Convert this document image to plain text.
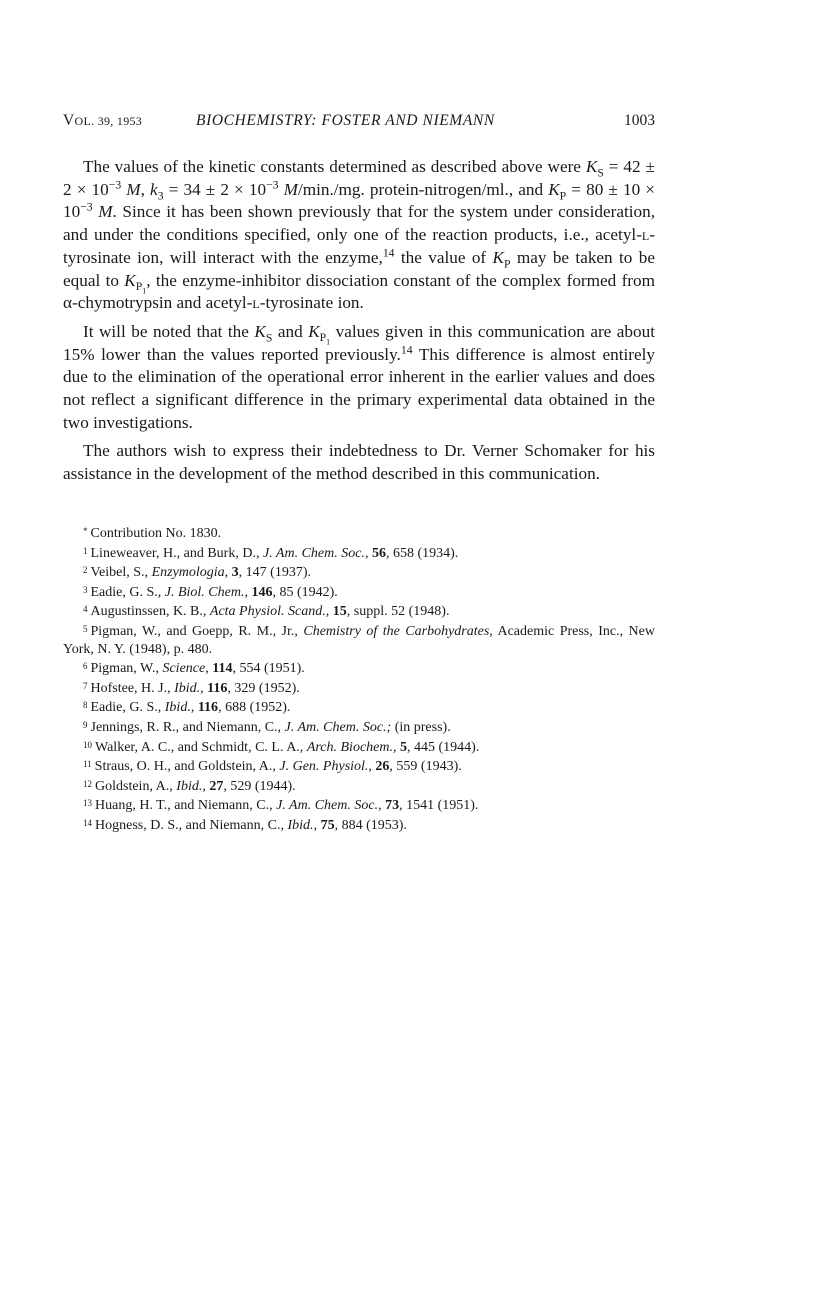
VOL. 39, 1953	BIOCHEMISTRY: FOSTER AND NIEMANN	1003

The values of the kinetic constants determined as described above were $K_S = 42 \pm 2 \times 10^{-3}$ M, $k_3 = 34 \pm 2 \times 10^{-3}$ M/min./mg. protein-nitrogen/ml., and $K_P = 80 \pm 10 \times 10^{-3}$ M. Since it has been shown previously that for the system under consideration, and under the conditions specified, only one of the reaction products, i.e., acetyl-l-tyrosinate ion, will interact with the enzyme,$^{14}$ the value of $K_P$ may be taken to be equal to $K_{P_1}$, the enzyme-inhibitor dissociation constant of the complex formed from α-chymotrypsin and acetyl-l-tyrosinate ion.

It will be noted that the $K_S$ and $K_{P_1}$ values given in this communication are about 15% lower than the values reported previously.$^{14}$ This difference is almost entirely due to the elimination of the operational error inherent in the earlier values and does not reflect a significant difference in the primary experimental data obtained in the two investigations.

The authors wish to express their indebtedness to Dr. Verner Schomaker for his assistance in the development of the method described in this communication.

* Contribution No. 1830.

$^1$ Lineweaver, H., and Burk, D., J. Am. Chem. Soc., 56, 658 (1934).

$^2$ Veibel, S., Enzymologia, 3, 147 (1937).

$^3$ Eadie, G. S., J. Biol. Chem., 146, 85 (1942).

$^4$ Augustinssen, K. B., Acta Physiol. Scand., 15, suppl. 52 (1948).

$^5$ Pigman, W., and Goepp, R. M., Jr., Chemistry of the Carbohydrates, Academic Press, Inc., New York, N. Y. (1948), p. 480.

$^6$ Pigman, W., Science, 114, 554 (1951).

$^7$ Hofstee, H. J., Ibid., 116, 329 (1952).

$^8$ Eadie, G. S., Ibid., 116, 688 (1952).

$^9$ Jennings, R. R., and Niemann, C., J. Am. Chem. Soc.; (in press).

$^{10}$ Walker, A. C., and Schmidt, C. L. A., Arch. Biochem., 5, 445 (1944).

$^{11}$ Straus, O. H., and Goldstein, A., J. Gen. Physiol., 26, 559 (1943).

$^{12}$ Goldstein, A., Ibid., 27, 529 (1944).

$^{13}$ Huang, H. T., and Niemann, C., J. Am. Chem. Soc., 73, 1541 (1951).

$^{14}$ Hogness, D. S., and Niemann, C., Ibid., 75, 884 (1953).
